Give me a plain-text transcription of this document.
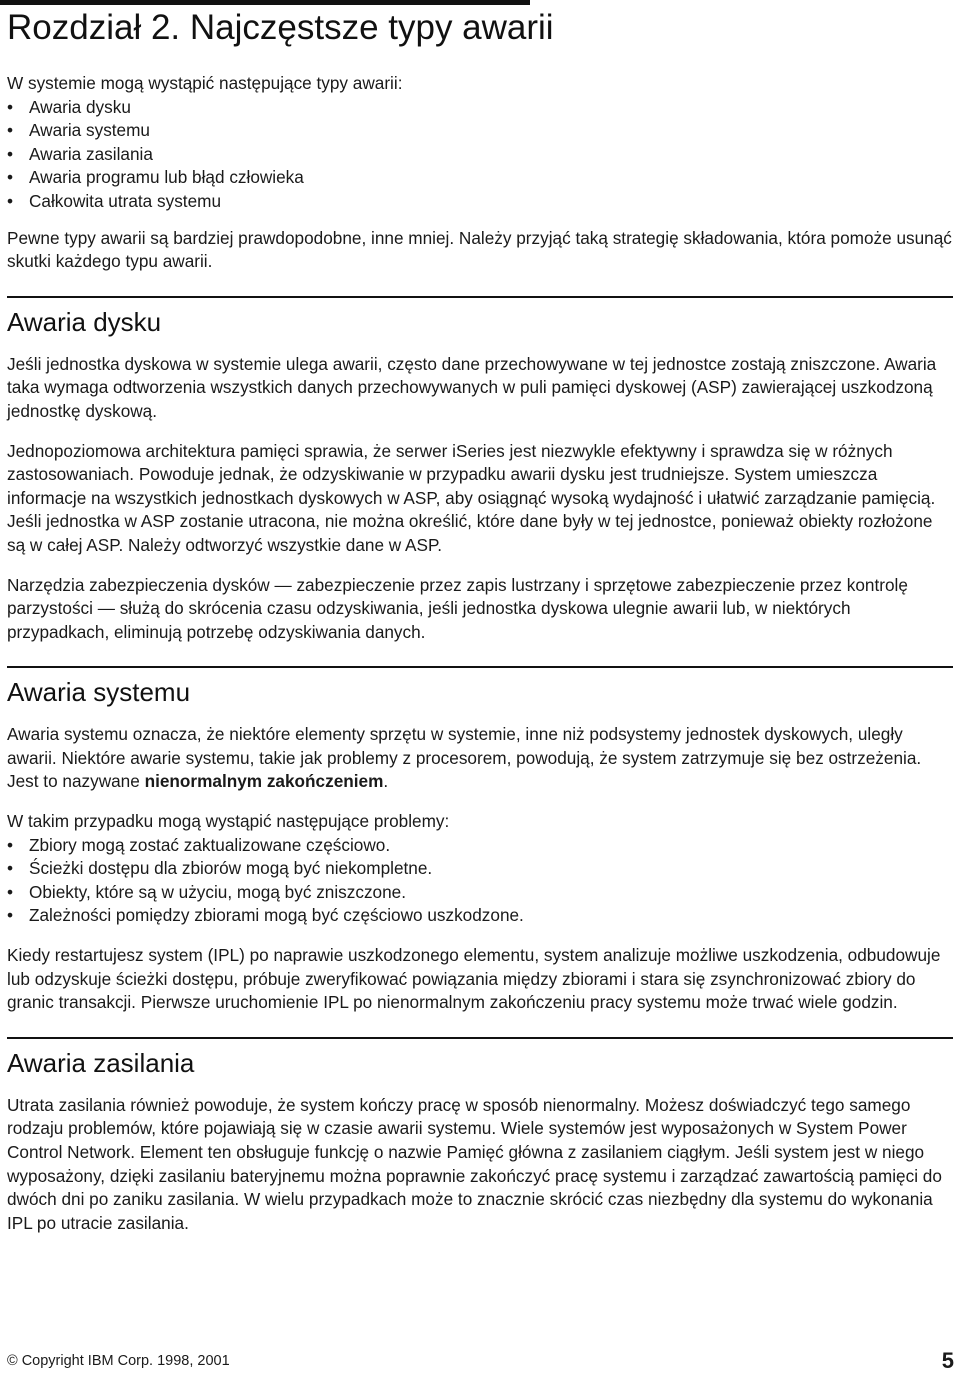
Rozdział 2. Najczęstsze typy awarii

W systemie mogą wystąpić następujące typy awarii:

• Awaria dysku
• Awaria systemu
• Awaria zasilania
• Awaria programu lub błąd człowieka
• Całkowita utrata systemu

Pewne typy awarii są bardziej prawdopodobne, inne mniej. Należy przyjąć taką strategię składowania, która pomoże usunąć skutki każdego typu awarii.

Awaria dysku

Jeśli jednostka dyskowa w systemie ulega awarii, często dane przechowywane w tej jednostce zostają zniszczone. Awaria taka wymaga odtworzenia wszystkich danych przechowywanych w puli pamięci dyskowej (ASP) zawierającej uszkodzoną jednostkę dyskową.

Jednopoziomowa architektura pamięci sprawia, że serwer iSeries jest niezwykle efektywny i sprawdza się w różnych zastosowaniach. Powoduje jednak, że odzyskiwanie w przypadku awarii dysku jest trudniejsze. System umieszcza informacje na wszystkich jednostkach dyskowych w ASP, aby osiągnąć wysoką wydajność i ułatwić zarządzanie pamięcią. Jeśli jednostka w ASP zostanie utracona, nie można określić, które dane były w tej jednostce, ponieważ obiekty rozłożone są w całej ASP. Należy odtworzyć wszystkie dane w ASP.

Narzędzia zabezpieczenia dysków — zabezpieczenie przez zapis lustrzany i sprzętowe zabezpieczenie przez kontrolę parzystości — służą do skrócenia czasu odzyskiwania, jeśli jednostka dyskowa ulegnie awarii lub, w niektórych przypadkach, eliminują potrzebę odzyskiwania danych.

Awaria systemu

Awaria systemu oznacza, że niektóre elementy sprzętu w systemie, inne niż podsystemy jednostek dyskowych, uległy awarii. Niektóre awarie systemu, takie jak problemy z procesorem, powodują, że system zatrzymuje się bez ostrzeżenia. Jest to nazywane nienormalnym zakończeniem.

W takim przypadku mogą wystąpić następujące problemy:

• Zbiory mogą zostać zaktualizowane częściowo.
• Ścieżki dostępu dla zbiorów mogą być niekompletne.
• Obiekty, które są w użyciu, mogą być zniszczone.
• Zależności pomiędzy zbiorami mogą być częściowo uszkodzone.

Kiedy restartujesz system (IPL) po naprawie uszkodzonego elementu, system analizuje możliwe uszkodzenia, odbudowuje lub odzyskuje ścieżki dostępu, próbuje zweryfikować powiązania między zbiorami i stara się zsynchronizować zbiory do granic transakcji. Pierwsze uruchomienie IPL po nienormalnym zakończeniu pracy systemu może trwać wiele godzin.

Awaria zasilania

Utrata zasilania również powoduje, że system kończy pracę w sposób nienormalny. Możesz doświadczyć tego samego rodzaju problemów, które pojawiają się w czasie awarii systemu. Wiele systemów jest wyposażonych w System Power Control Network. Element ten obsługuje funkcję o nazwie Pamięć główna z zasilaniem ciągłym. Jeśli system jest w niego wyposażony, dzięki zasilaniu bateryjnemu można poprawnie zakończyć pracę systemu i zarządzać zawartością pamięci do dwóch dni po zaniku zasilania. W wielu przypadkach może to znacznie skrócić czas niezbędny dla systemu do wykonania IPL po utracie zasilania.

© Copyright IBM Corp. 1998, 2001	5
